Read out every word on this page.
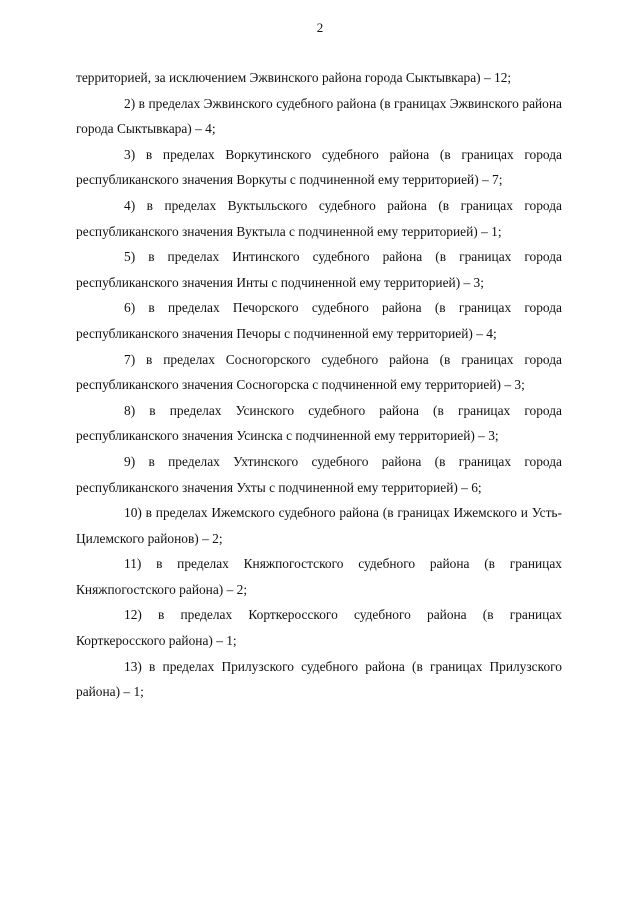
2

территорией, за исключением Эжвинского района города Сыктывкара) – 12;

2) в пределах Эжвинского судебного района (в границах Эжвинского района города Сыктывкара) – 4;

3) в пределах Воркутинского судебного района (в границах города республиканского значения Воркуты с подчиненной ему территорией) – 7;

4) в пределах Вуктыльского судебного района (в границах города республиканского значения Вуктыла с подчиненной ему территорией) – 1;

5) в пределах Интинского судебного района (в границах города республиканского значения Инты с подчиненной ему территорией) – 3;

6) в пределах Печорского судебного района (в границах города республиканского значения Печоры с подчиненной ему территорией) – 4;

7) в пределах Сосногорского судебного района (в границах города республиканского значения Сосногорска с подчиненной ему территорией) – 3;

8) в пределах Усинского судебного района (в границах города республиканского значения Усинска с подчиненной ему территорией) – 3;

9) в пределах Ухтинского судебного района (в границах города республиканского значения Ухты с подчиненной ему территорией) – 6;

10) в пределах Ижемского судебного района (в границах Ижемского и Усть-Цилемского районов) – 2;

11) в пределах Княжпогостского судебного района (в границах Княжпогостского района) – 2;

12) в пределах Корткеросского судебного района (в границах Корткеросского района) – 1;

13) в пределах Прилузского судебного района (в границах Прилузского района) – 1;
